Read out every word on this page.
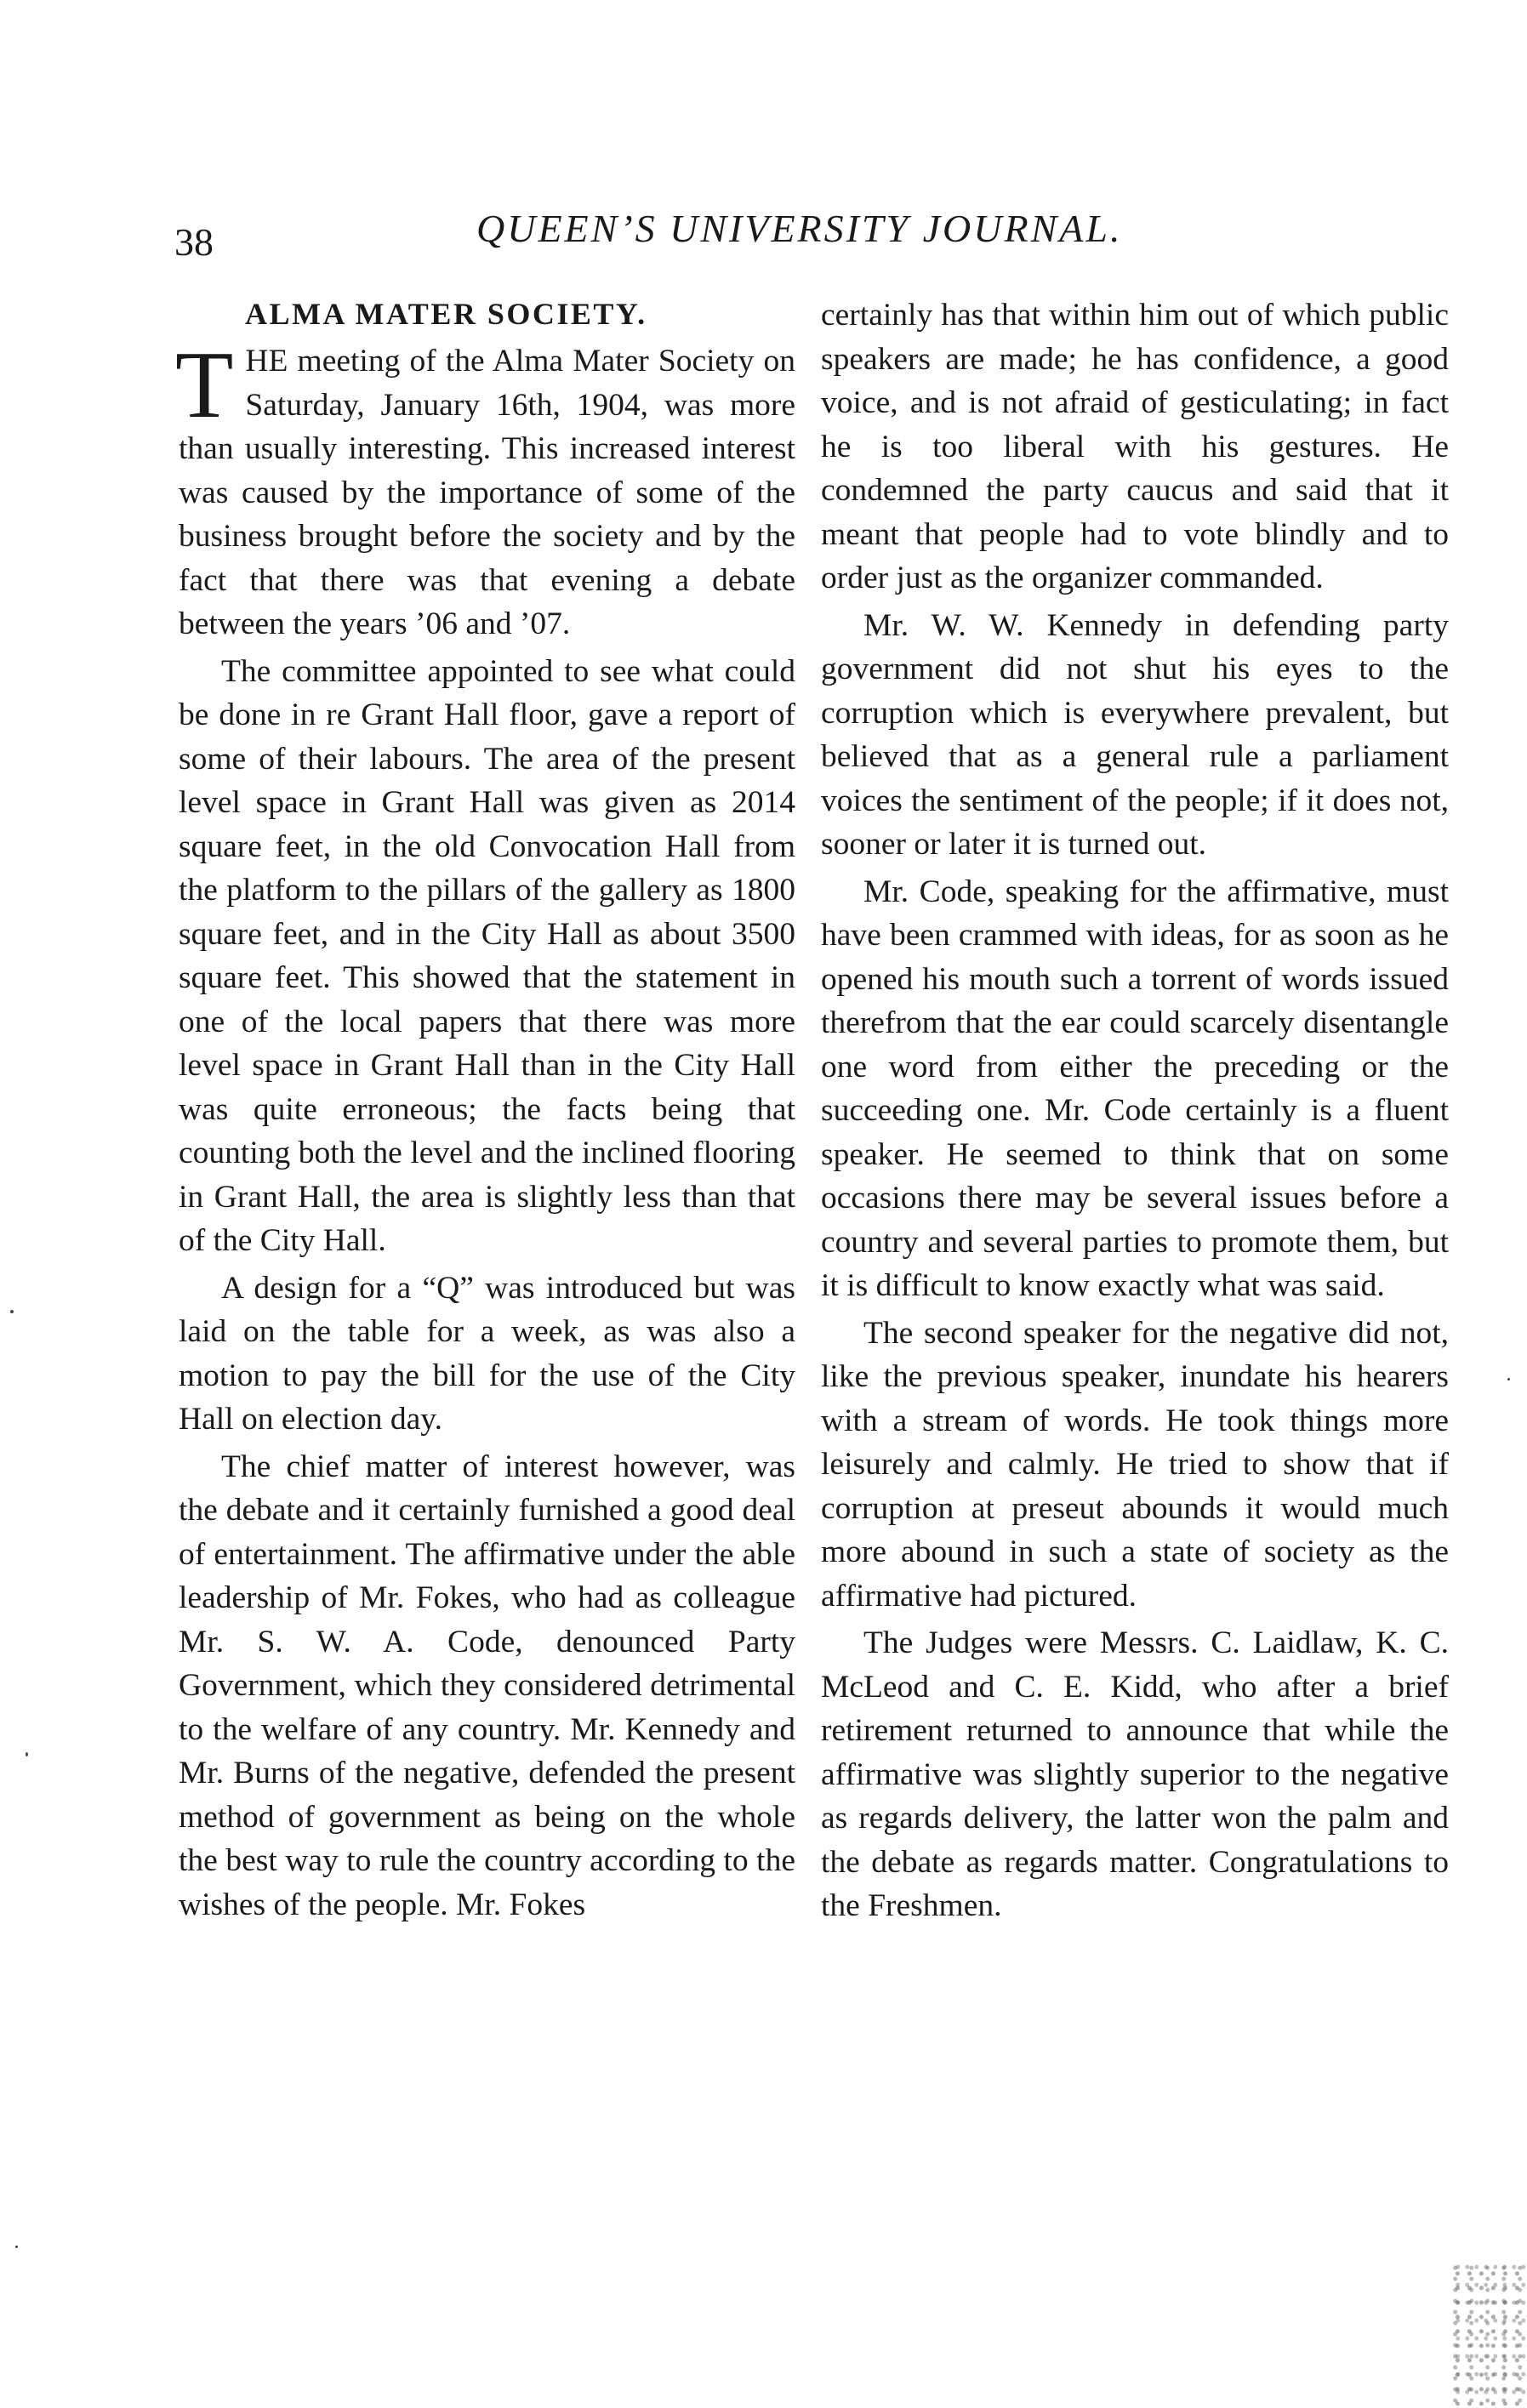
38	QUEEN’S UNIVERSITY JOURNAL.
ALMA MATER SOCIETY.

THE meeting of the Alma Mater Society on Saturday, January 16th, 1904, was more than usually interesting. This increased interest was caused by the importance of some of the business brought before the society and by the fact that there was that evening a debate between the years ’06 and ’07.

The committee appointed to see what could be done in re Grant Hall floor, gave a report of some of their labours. The area of the present level space in Grant Hall was given as 2014 square feet, in the old Convocation Hall from the platform to the pillars of the gallery as 1800 square feet, and in the City Hall as about 3500 square feet. This showed that the statement in one of the local papers that there was more level space in Grant Hall than in the City Hall was quite erroneous; the facts being that counting both the level and the inclined flooring in Grant Hall, the area is slightly less than that of the City Hall.

A design for a “Q” was introduced but was laid on the table for a week, as was also a motion to pay the bill for the use of the City Hall on election day.

The chief matter of interest however, was the debate and it certainly furnished a good deal of entertainment. The affirmative under the able leadership of Mr. Fokes, who had as colleague Mr. S. W. A. Code, denounced Party Government, which they considered detrimental to the welfare of any country. Mr. Kennedy and Mr. Burns of the negative, defended the present method of government as being on the whole the best way to rule the country according to the wishes of the people. Mr. Fokes

certainly has that within him out of which public speakers are made; he has confidence, a good voice, and is not afraid of gesticulating; in fact he is too liberal with his gestures. He condemned the party caucus and said that it meant that people had to vote blindly and to order just as the organizer commanded.

Mr. W. W. Kennedy in defending party government did not shut his eyes to the corruption which is everywhere prevalent, but believed that as a general rule a parliament voices the sentiment of the people; if it does not, sooner or later it is turned out.

Mr. Code, speaking for the affirmative, must have been crammed with ideas, for as soon as he opened his mouth such a torrent of words issued therefrom that the ear could scarcely disentangle one word from either the preceding or the succeeding one. Mr. Code certainly is a fluent speaker. He seemed to think that on some occasions there may be several issues before a country and several parties to promote them, but it is difficult to know exactly what was said.

The second speaker for the negative did not, like the previous speaker, inundate his hearers with a stream of words. He took things more leisurely and calmly. He tried to show that if corruption at preseut abounds it would much more abound in such a state of society as the affirmative had pictured.

The Judges were Messrs. C. Laidlaw, K. C. McLeod and C. E. Kidd, who after a brief retirement returned to announce that while the affirmative was slightly superior to the negative as regards delivery, the latter won the palm and the debate as regards matter. Congratulations to the Freshmen.
